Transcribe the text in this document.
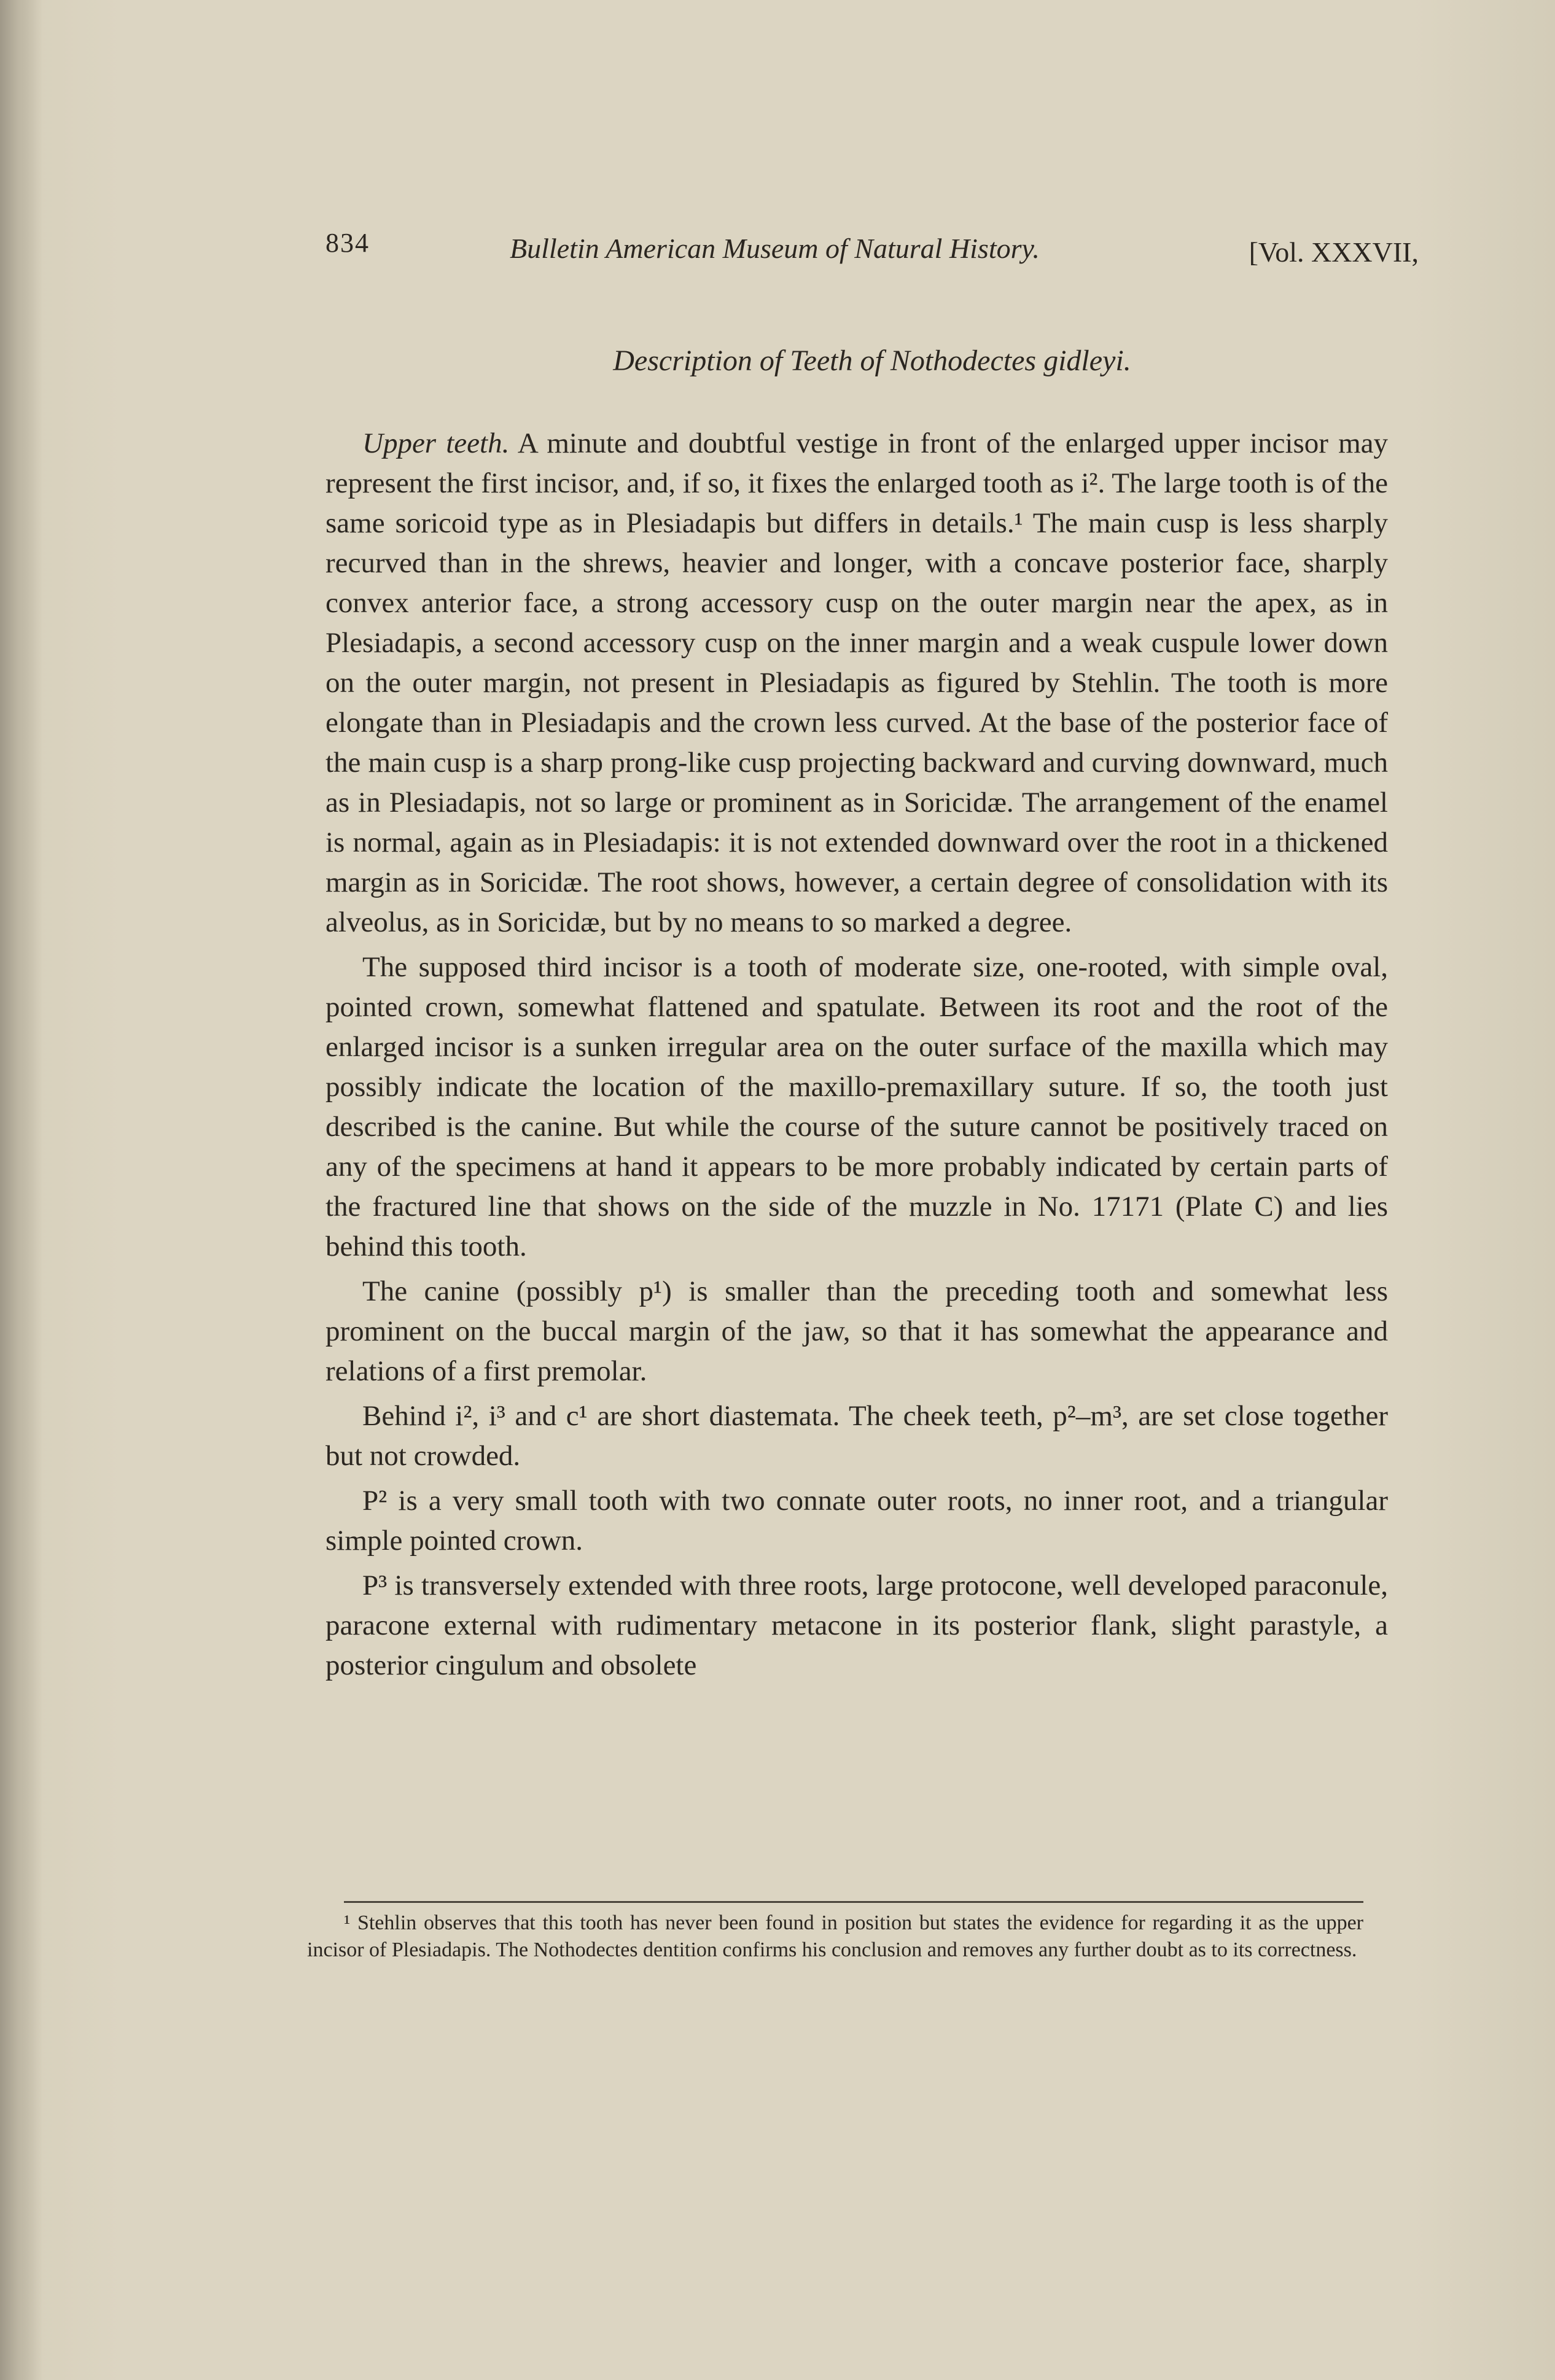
834	Bulletin American Museum of Natural History.	[Vol. XXXVII,
Description of Teeth of Nothodectes gidleyi.

Upper teeth. A minute and doubtful vestige in front of the enlarged upper incisor may represent the first incisor, and, if so, it fixes the enlarged tooth as i². The large tooth is of the same soricoid type as in Plesiadapis but differs in details.¹ The main cusp is less sharply recurved than in the shrews, heavier and longer, with a concave posterior face, sharply convex anterior face, a strong accessory cusp on the outer margin near the apex, as in Plesiadapis, a second accessory cusp on the inner margin and a weak cuspule lower down on the outer margin, not present in Plesiadapis as figured by Stehlin. The tooth is more elongate than in Plesiadapis and the crown less curved. At the base of the posterior face of the main cusp is a sharp prong-like cusp projecting backward and curving downward, much as in Plesiadapis, not so large or prominent as in Soricidæ. The arrangement of the enamel is normal, again as in Plesiadapis: it is not extended downward over the root in a thickened margin as in Soricidæ. The root shows, however, a certain degree of consolidation with its alveolus, as in Soricidæ, but by no means to so marked a degree.

The supposed third incisor is a tooth of moderate size, one-rooted, with simple oval, pointed crown, somewhat flattened and spatulate. Between its root and the root of the enlarged incisor is a sunken irregular area on the outer surface of the maxilla which may possibly indicate the location of the maxillo-premaxillary suture. If so, the tooth just described is the canine. But while the course of the suture cannot be positively traced on any of the specimens at hand it appears to be more probably indicated by certain parts of the fractured line that shows on the side of the muzzle in No. 17171 (Plate C) and lies behind this tooth.

The canine (possibly p¹) is smaller than the preceding tooth and somewhat less prominent on the buccal margin of the jaw, so that it has somewhat the appearance and relations of a first premolar.

Behind i², i³ and c¹ are short diastemata. The cheek teeth, p²–m³, are set close together but not crowded.

P² is a very small tooth with two connate outer roots, no inner root, and a triangular simple pointed crown.

P³ is transversely extended with three roots, large protocone, well developed paraconule, paracone external with rudimentary metacone in its posterior flank, slight parastyle, a posterior cingulum and obsolete

¹ Stehlin observes that this tooth has never been found in position but states the evidence for regarding it as the upper incisor of Plesiadapis. The Nothodectes dentition confirms his conclusion and removes any further doubt as to its correctness.
